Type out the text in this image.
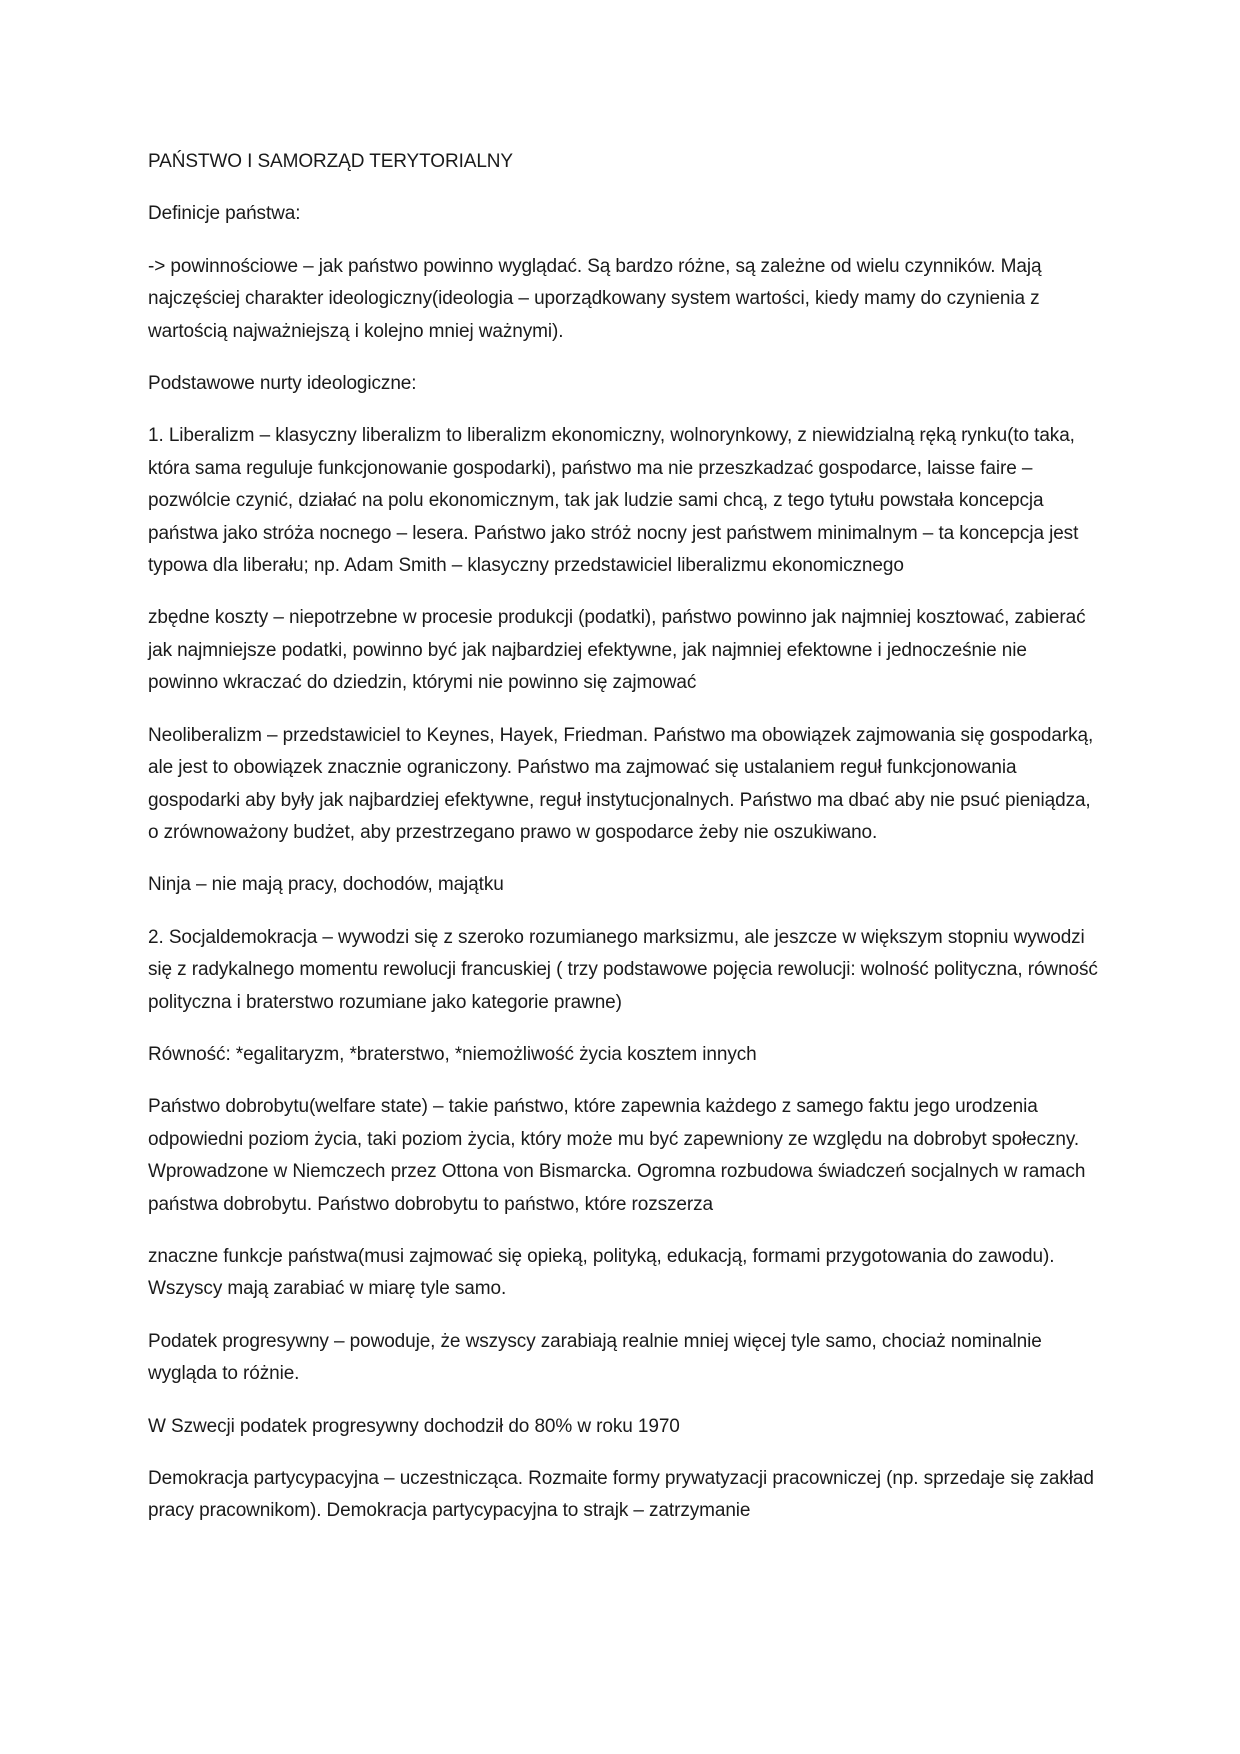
PAŃSTWO I SAMORZĄD TERYTORIALNY

Definicje państwa:

-> powinnościowe – jak państwo powinno wyglądać. Są bardzo różne, są zależne od wielu czynników. Mają najczęściej charakter ideologiczny(ideologia – uporządkowany system wartości, kiedy mamy do czynienia z wartością najważniejszą i kolejno mniej ważnymi).

Podstawowe nurty ideologiczne:

1. Liberalizm – klasyczny liberalizm to liberalizm ekonomiczny, wolnorynkowy, z niewidzialną ręką rynku(to taka, która sama reguluje funkcjonowanie gospodarki), państwo ma nie przeszkadzać gospodarce, laisse faire – pozwólcie czynić, działać na polu ekonomicznym, tak jak ludzie sami chcą, z tego tytułu powstała koncepcja państwa jako stróża nocnego – lesera. Państwo jako stróż nocny jest państwem minimalnym – ta koncepcja jest typowa dla liberału; np. Adam Smith – klasyczny przedstawiciel liberalizmu ekonomicznego

zbędne koszty – niepotrzebne w procesie produkcji (podatki), państwo powinno jak najmniej kosztować, zabierać jak najmniejsze podatki, powinno być jak najbardziej efektywne, jak najmniej efektowne i jednocześnie nie powinno wkraczać do dziedzin, którymi nie powinno się zajmować

Neoliberalizm – przedstawiciel to Keynes, Hayek, Friedman. Państwo ma obowiązek zajmowania się gospodarką, ale jest to obowiązek znacznie ograniczony. Państwo ma zajmować się ustalaniem reguł funkcjonowania gospodarki aby były jak najbardziej efektywne, reguł instytucjonalnych. Państwo ma dbać aby nie psuć pieniądza, o zrównoważony budżet, aby przestrzegano prawo w gospodarce żeby nie oszukiwano.

Ninja – nie mają pracy, dochodów, majątku

2. Socjaldemokracja – wywodzi się z szeroko rozumianego marksizmu, ale jeszcze w większym stopniu wywodzi się z radykalnego momentu rewolucji francuskiej ( trzy podstawowe pojęcia rewolucji: wolność polityczna, równość polityczna i braterstwo rozumiane jako kategorie prawne)

Równość: *egalitaryzm, *braterstwo, *niemożliwość życia kosztem innych

Państwo dobrobytu(welfare state) – takie państwo, które zapewnia każdego z samego faktu jego urodzenia odpowiedni poziom życia, taki poziom życia, który może mu być zapewniony ze względu na dobrobyt społeczny. Wprowadzone w Niemczech przez Ottona von Bismarcka. Ogromna rozbudowa świadczeń socjalnych w ramach państwa dobrobytu. Państwo dobrobytu to państwo, które rozszerza

znaczne funkcje państwa(musi zajmować się opieką, polityką, edukacją, formami przygotowania do zawodu). Wszyscy mają zarabiać w miarę tyle samo.

Podatek progresywny – powoduje, że wszyscy zarabiają realnie mniej więcej tyle samo, chociaż nominalnie wygląda to różnie.

W Szwecji podatek progresywny dochodził do 80% w roku 1970

Demokracja partycypacyjna – uczestnicząca. Rozmaite formy prywatyzacji pracowniczej (np. sprzedaje się zakład pracy pracownikom). Demokracja partycypacyjna to strajk – zatrzymanie
